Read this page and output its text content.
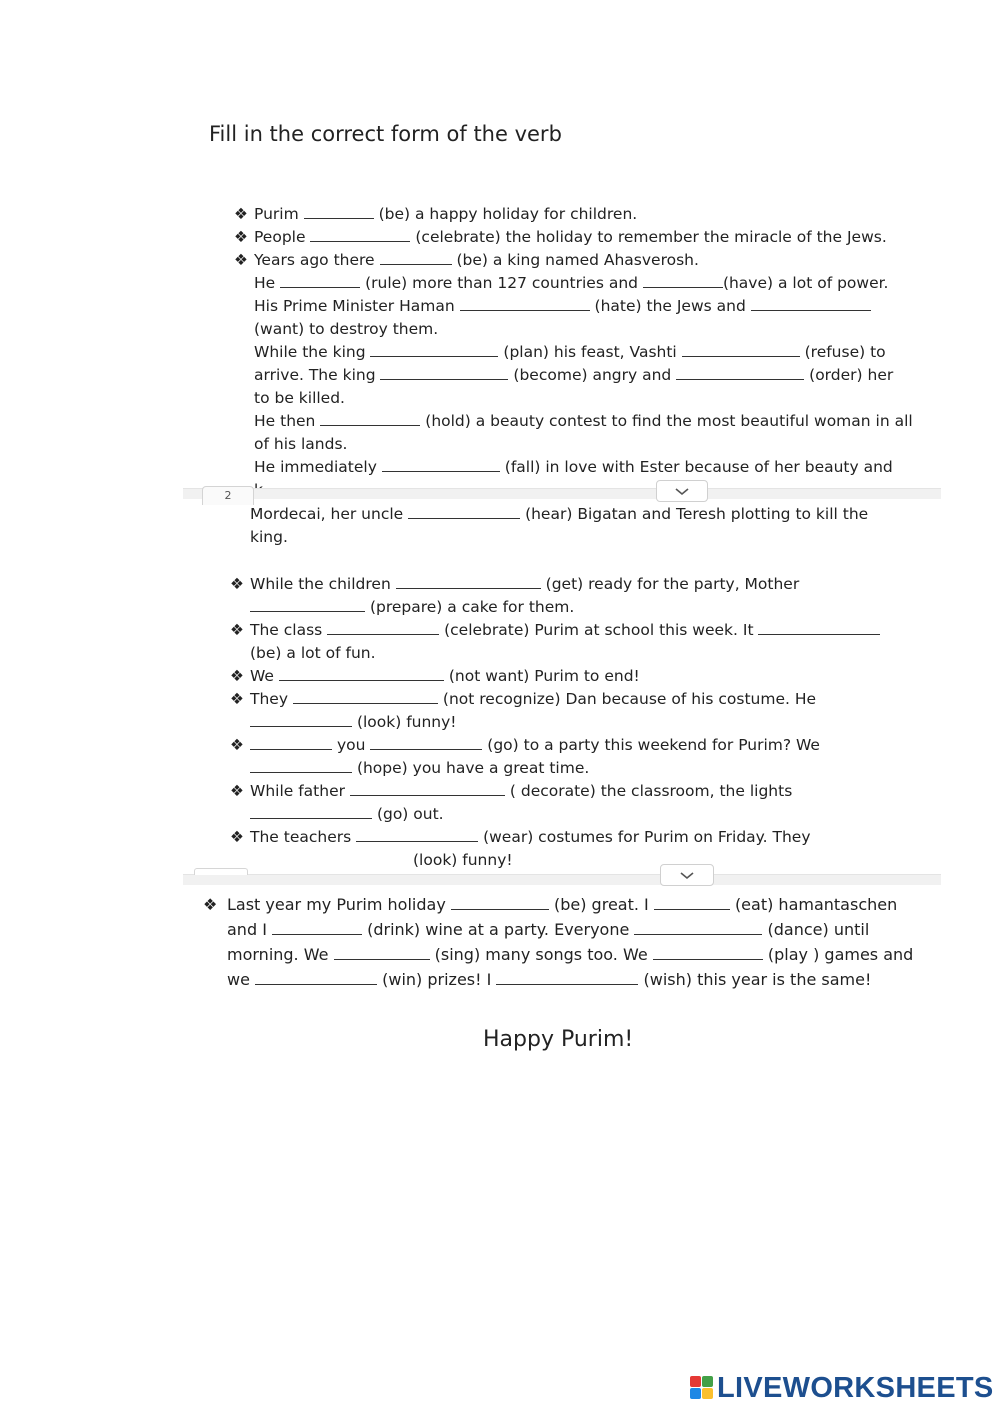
Fill in the correct form of the verb

❖ Purim	(be) a happy holiday for children.

❖ People	(celebrate) the holiday to remember the miracle of the Jews.

❖ Years ago there	(be) a king named Ahasverosh.

He	(rule) more than 127 countries and	(have) a lot of power.

His Prime Minister Haman	(hate) the Jews and

(want) to destroy them.

While the king	(plan) his feast, Vashti	(refuse) to

arrive. The king	(become) angry and	(order) her

to be killed.

He then	(hold) a beauty contest to find the most beautiful woman in all

of his lands.

He immediately	(fall) in love with Ester because of her beauty and

2

Mordecai, her uncle	(hear) Bigatan and Teresh plotting to kill the

king.

❖ While the children	(get) ready for the party, Mother

(prepare) a cake for them.

❖ The class	(celebrate) Purim at school this week. It

(be) a lot of fun.

❖ We	(not want) Purim to end!

❖ They	(not recognize) Dan because of his costume. He

(look) funny!

❖	you	(go) to a party this weekend for Purim? We

(hope) you have a great time.

❖ While father	( decorate) the classroom, the lights

(go) out.

❖ The teachers	(wear) costumes for Purim on Friday. They

(look) funny!

❖ Last year my Purim holiday	(be) great. I	(eat) hamantaschen

and I	(drink) wine at a party. Everyone	(dance) until

morning. We	(sing) many songs too. We	(play ) games and

we	(win) prizes! I	(wish) this year is the same!

Happy Purim!
LIVEWORKSHEETS
